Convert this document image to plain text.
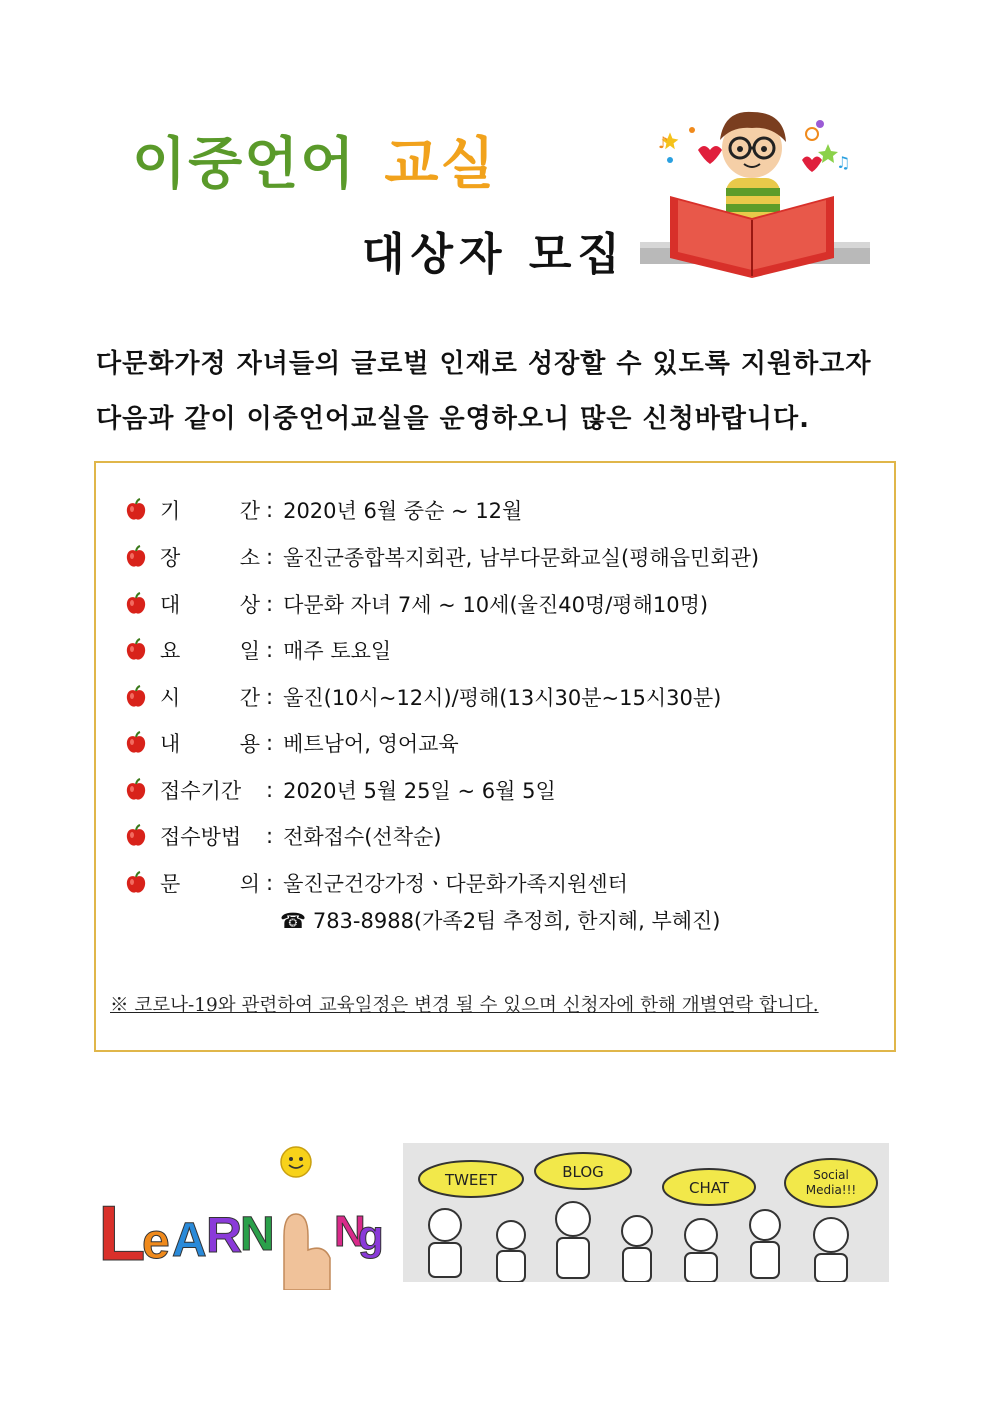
이중언어 교실
대상자 모집
♪
♫
다문화가정 자녀들의 글로벌 인재로 성장할 수 있도록 지원하고자
다음과 같이 이중언어교실을 운영하오니 많은 신청바랍니다.
기	간 : 2020년 6월 중순 ~ 12월
장	소 : 울진군종합복지회관, 남부다문화교실(평해읍민회관)
대	상 : 다문화 자녀 7세 ~ 10세(울진40명/평해10명)
요	일 : 매주 토요일
시	간 : 울진(10시~12시)/평해(13시30분~15시30분)
내	용 : 베트남어, 영어교육
접수기간 : 2020년 5월 25일 ~ 6월 5일
접수방법 : 전화접수(선착순)
문	의 : 울진군건강가정ㆍ다문화가족지원센터
☎ 783-8988(가족2팀 추정희, 한지혜, 부혜진)
※ 코로나-19와 관련하여 교육일정은 변경 될 수 있으며 신청자에 한해 개별연락 합니다.
L
e A R
N N
g
TWEET	BLOG
CHAT
Social
Media!!!
